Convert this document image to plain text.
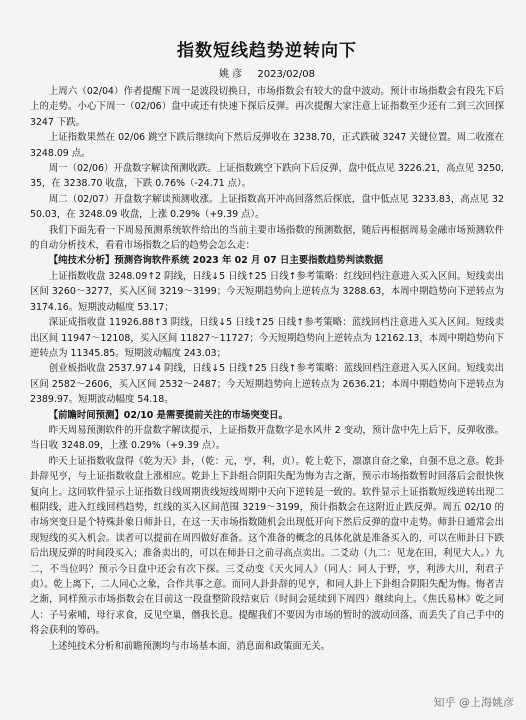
指数短线趋势逆转向下
姚 彦 2023/02/08

上周六（02/04）作者提醒下周一是波段切换日，市场指数会有较大的盘中波动。预计市场指数会有段先下后上的走势。小心下周一（02/06）盘中或还有快速下探后反弹。再次提醒大家注意上证指数至少还有二到三次回探 3247 下跌。

上证指数果然在 02/06 跳空下跌后继续向下然后反弹收在 3238.70，正式跌破 3247 关键位置。周二收涨在 3248.09 点。

周一（02/06）开盘数字解读预测收跌。上证指数跳空下跌向下后反弹，盘中低点见 3226.21，高点见 3250.35，在 3238.70 收盘，下跌 0.76%（-24.71 点）。

周二（02/07）开盘数字解读预测收涨。上证指数高开冲高回落然后探底，盘中低点见 3233.83，高点见 3250.03，在 3248.09 收盘，上涨 0.29%（+9.39 点）。

我们下面先看一下周易预测系统软件给出的当前主要市场指数的预测数据，随后再根据周易金融市场预测软件的自动分析技术，看看市场指数之后的趋势会怎么走：

【纯技术分析】预测咨询软件系统 2023 年 02 月 07 日主要指数趋势判读数据

上证指数收盘 3248.09↑2 阴线，日线↓5 日线↑25 日线↑参考策略：红线回档注意进入买入区间。短线卖出区间 3260～3277，买入区间 3219～3199；今天短期趋势向上逆转点为 3288.63，本周中期趋势向下逆转点为 3174.16。短期波动幅度 53.17；

深证成指收盘 11926.88↑3 阴线，日线↓5 日线↑25 日线↑参考策略：蓝线回档注意进入买入区间。短线卖出区间 11947～12108，买入区间 11827～11727；今天短期趋势向上逆转点为 12162.13，本周中期趋势向下逆转点为 11345.85。短期波动幅度 243.03；

创业板指收盘 2537.97↓4 阴线，日线↓5 日线↑25 日线↑参考策略：蓝线回档注意进入买入区间。短线卖出区间 2582～2606，买入区间 2532～2487；今天短期趋势向上逆转点为 2636.21；本周中期趋势向下逆转点为 2389.97。短期波动幅度 54.18。

【前瞻时间预测】02/10 是需要提前关注的市场突变日。

昨天周易预测软件的开盘数字解读提示，上证指数开盘数字是水风井 2 变动，预计盘中先上后下，反弹收涨。当日收 3248.09，上涨 0.29%（+9.39 点）。

昨天上证指数收盘得《乾为天》卦，（乾：元，亨，利，贞）。乾上乾下，凛凛自奋之象，自强不息之意。乾卦卦辞见亨，与上证指数收盘上涨相应。乾卦上下卦组合阴阳失配为悔为吉之渐，预示市场指数暂时回落后会很快恢复向上。这同软件显示上证指数日线周期贵线短线周期中天向下逆转是一致的。软件显示上证指数短线逆转出现二根阴线，进入红线回档趋势，红线的买入区间范围 3219～3199，预计指数会在这附近止跌反弹。周五 02/10 的市场突变日是个特殊卦象日师卦日，在这一天市场指数随机会出现低开向下然后反弹的盘中走势。师卦日通常会出现短线的买入机会。读者可以提前在周四做好准备。这个准备的概念的具体化就是准备买入的，可以在师卦日下跌后出现反弹的时间段买入；准备卖出的，可以在师卦日之前寻高点卖出。二爻动（九二：见龙在田，利见大人。）九二，不当位吗？预示今日盘中还会有次下探。三爻动变《天火同人》（同人：同人于野，亨，利涉大川，利君子贞）。乾上离下，二人同心之象，合作共事之意。而同人卦卦辞的见亨，和同人卦上下卦组合阴阳失配为悔。悔者吉之渐，同样预示市场指数会在目前这一段盘整阶段结束后（时间会延续到下周四）继续向上。《焦氏易林》乾之同人：子号索哺，母行求食，反见空巢，僭我长息。提醒我们不要因为市场的暂时的波动回落，而丢失了自己手中的将会获利的筹码。

上述纯技术分析和前瞻预测均与市场基本面、消息面和政策面无关。

知乎 @上海姚彦
